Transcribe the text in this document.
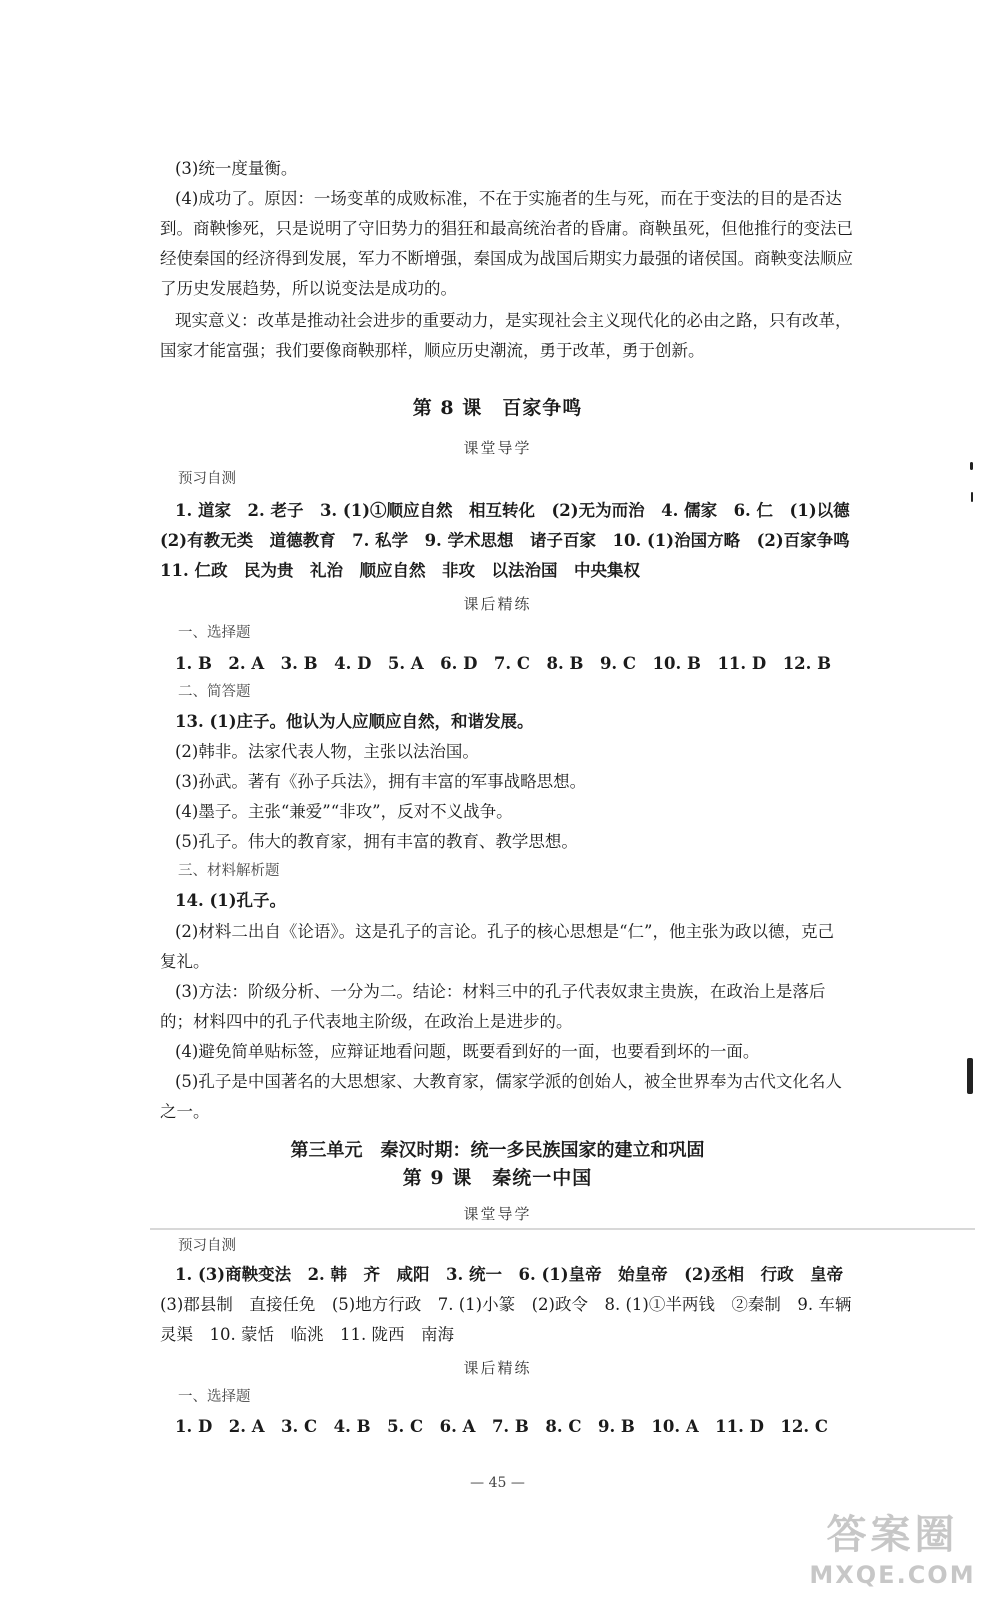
(3)统一度量衡。
(4)成功了。原因：一场变革的成败标准，不在于实施者的生与死，而在于变法的目的是否达
到。商鞅惨死，只是说明了守旧势力的猖狂和最高统治者的昏庸。商鞅虽死，但他推行的变法已
经使秦国的经济得到发展，军力不断增强，秦国成为战国后期实力最强的诸侯国。商鞅变法顺应
了历史发展趋势，所以说变法是成功的。
现实意义：改革是推动社会进步的重要动力，是实现社会主义现代化的必由之路，只有改革，
国家才能富强；我们要像商鞅那样，顺应历史潮流，勇于改革，勇于创新。
第 8 课　百家争鸣
课堂导学
预习自测
1. 道家　2. 老子　3. (1)①顺应自然　相互转化　(2)无为而治　4. 儒家　6. 仁　(1)以德
(2)有教无类　道德教育　7. 私学　9. 学术思想　诸子百家　10. (1)治国方略　(2)百家争鸣
11. 仁政　民为贵　礼治　顺应自然　非攻　以法治国　中央集权
课后精练
一、选择题
1. B　2. A　3. B　4. D　5. A　6. D　7. C　8. B　9. C　10. B　11. D　12. B
二、简答题
13. (1)庄子。他认为人应顺应自然，和谐发展。
(2)韩非。法家代表人物，主张以法治国。
(3)孙武。著有《孙子兵法》，拥有丰富的军事战略思想。
(4)墨子。主张“兼爱”“非攻”，反对不义战争。
(5)孔子。伟大的教育家，拥有丰富的教育、教学思想。
三、材料解析题
14. (1)孔子。
(2)材料二出自《论语》。这是孔子的言论。孔子的核心思想是“仁”，他主张为政以德，克己
复礼。
(3)方法：阶级分析、一分为二。结论：材料三中的孔子代表奴隶主贵族，在政治上是落后
的；材料四中的孔子代表地主阶级，在政治上是进步的。
(4)避免简单贴标签，应辩证地看问题，既要看到好的一面，也要看到坏的一面。
(5)孔子是中国著名的大思想家、大教育家，儒家学派的创始人，被全世界奉为古代文化名人
之一。
第三单元　秦汉时期：统一多民族国家的建立和巩固
第 9 课　秦统一中国
课堂导学
预习自测
1. (3)商鞅变法　2. 韩　齐　咸阳　3. 统一　6. (1)皇帝　始皇帝　(2)丞相　行政　皇帝
(3)郡县制　直接任免　(5)地方行政　7. (1)小篆　(2)政令　8. (1)①半两钱　②秦制　9. 车辆
灵渠　10. 蒙恬　临洮　11. 陇西　南海
课后精练
一、选择题
1. D　2. A　3. C　4. B　5. C　6. A　7. B　8. C　9. B　10. A　11. D　12. C
— 45 —
答案圈
MXQE.COM
